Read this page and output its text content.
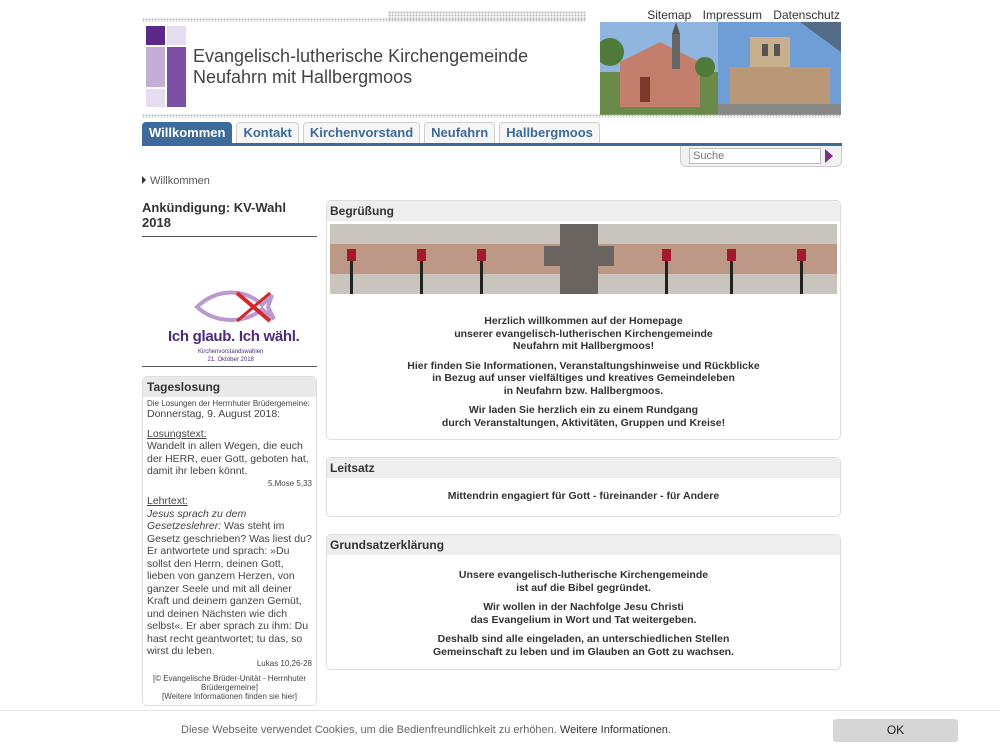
Evangelisch-lutherische Kirchengemeinde
Neufahrn mit Hallbergmoos
Sitemap Impressum Datenschutz
Willkommen	Kontakt	Kirchenvorstand	Neufahrn	Hallbergmoos
Suche
Willkommen
Ankündigung: KV-Wahl 2018
Ich glaub. Ich wähl.
Kirchenvorstandswahlen
21. Oktober 2018
Tageslosung
Die Losungen der Herrnhuter Brüdergemeine:
Donnerstag, 9. August 2018:
Losungstext:
Wandelt in allen Wegen, die euch der HERR, euer Gott, geboten hat, damit ihr leben könnt.
5.Mose 5,33
Lehrtext:
Jesus sprach zu dem Gesetzeslehrer: Was steht im Gesetz geschrieben? Was liest du? Er antwortete und sprach: »Du sollst den Herrn, deinen Gott, lieben von ganzem Herzen, von ganzer Seele und mit all deiner Kraft und deinem ganzen Gemüt, und deinen Nächsten wie dich selbst«. Er aber sprach zu ihm: Du hast recht geantwortet; tu das, so wirst du leben.
Lukas 10,26-28
[© Evangelische Brüder-Unität - Herrnhuter Brüdergemeine]
[Weitere Informationen finden sie hier]
Begrüßung

Herzlich willkommen auf der Homepage
unserer evangelisch-lutherischen Kirchengemeinde
Neufahrn mit Hallbergmoos!

Hier finden Sie Informationen, Veranstaltungshinweise und Rückblicke
in Bezug auf unser vielfältiges und kreatives Gemeindeleben
in Neufahrn bzw. Hallbergmoos.

Wir laden Sie herzlich ein zu einem Rundgang
durch Veranstaltungen, Aktivitäten, Gruppen und Kreise!

Leitsatz
Mittendrin engagiert für Gott - füreinander - für Andere
Grundsatzerklärung

Unsere evangelisch-lutherische Kirchengemeinde
ist auf die Bibel gegründet.

Wir wollen in der Nachfolge Jesu Christi
das Evangelium in Wort und Tat weitergeben.

Deshalb sind alle eingeladen, an unterschiedlichen Stellen
Gemeinschaft zu leben und im Glauben an Gott zu wachsen.

Diese Webseite verwendet Cookies, um die Bedienfreundlichkeit zu erhöhen. Weitere Informationen.	OK
